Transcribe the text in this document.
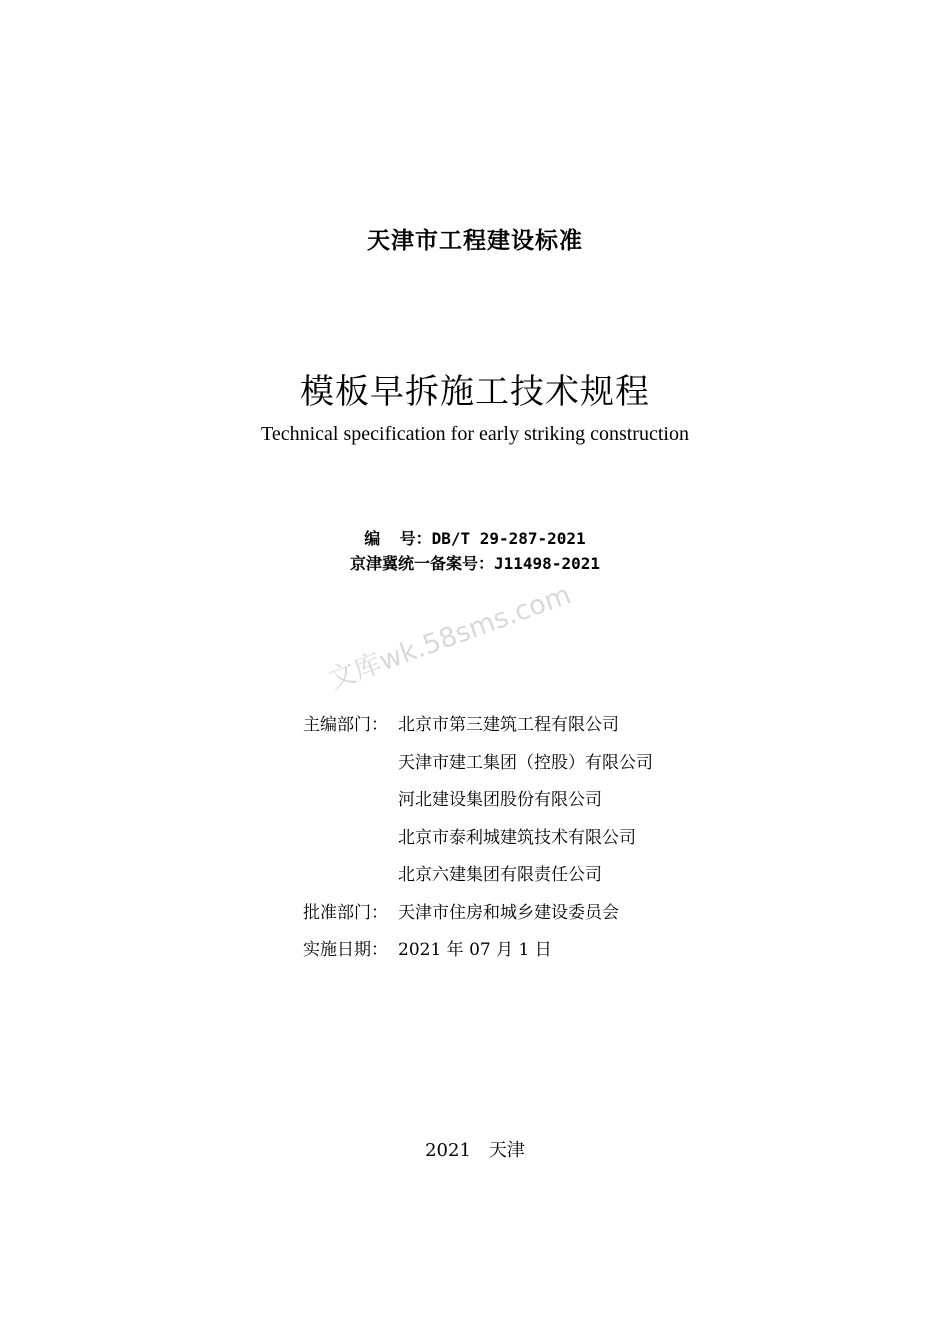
天津市工程建设标准
模板早拆施工技术规程
Technical specification for early striking construction
编  号：DB/T 29-287-2021
京津冀统一备案号：J11498-2021
文库wk.58sms.com
主编部门： 北京市第三建筑工程有限公司
天津市建工集团（控股）有限公司
河北建设集团股份有限公司
北京市泰利城建筑技术有限公司
北京六建集团有限责任公司
批准部门： 天津市住房和城乡建设委员会
实施日期： 2021 年 07 月 1 日
2021 天津
